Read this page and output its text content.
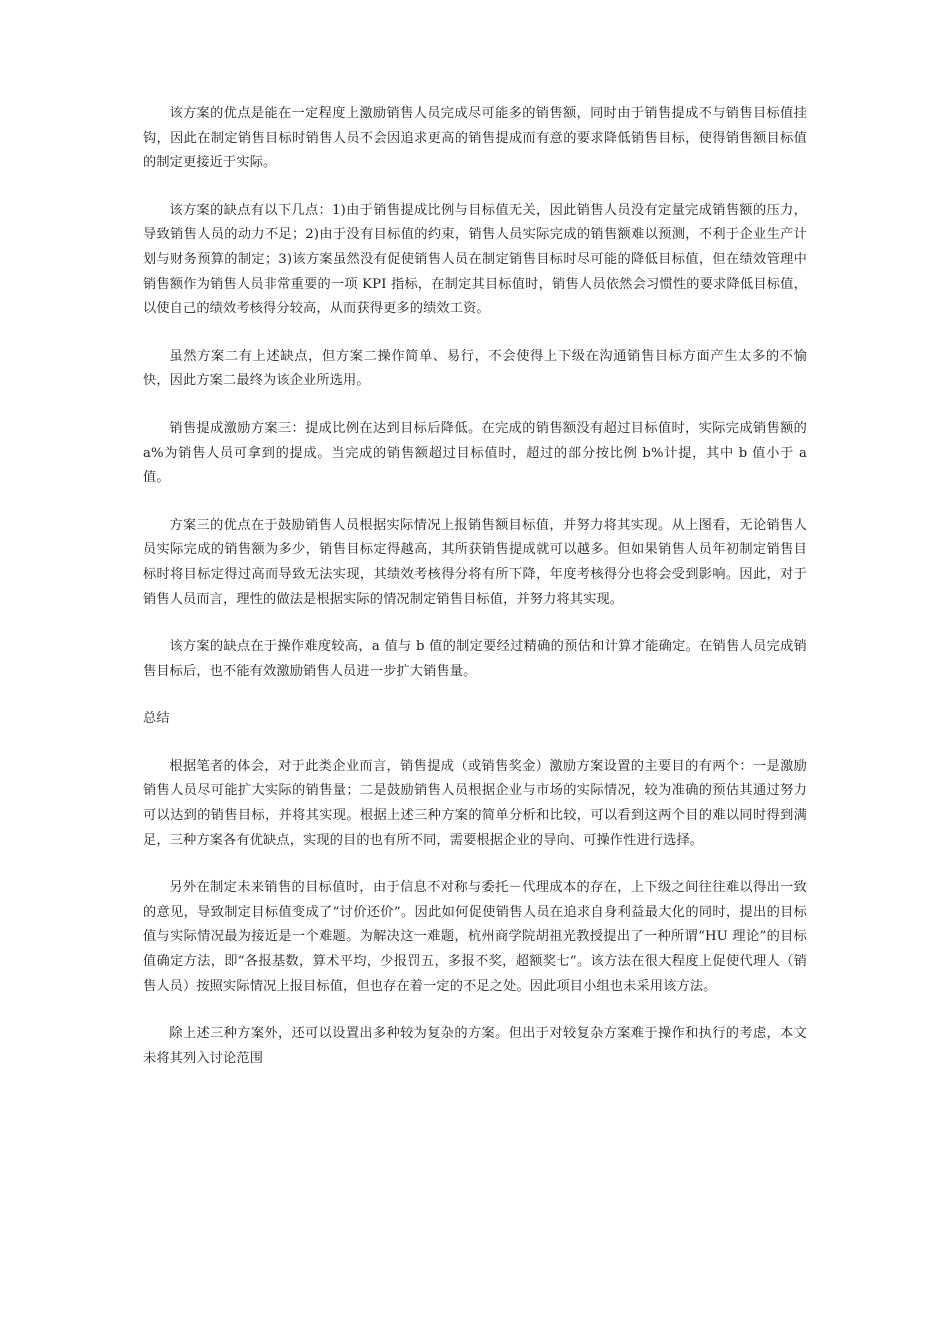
该方案的优点是能在一定程度上激励销售人员完成尽可能多的销售额，同时由于销售提成不与销售目标值挂钩，因此在制定销售目标时销售人员不会因追求更高的销售提成而有意的要求降低销售目标，使得销售额目标值的制定更接近于实际。

该方案的缺点有以下几点：1)由于销售提成比例与目标值无关，因此销售人员没有定量完成销售额的压力，导致销售人员的动力不足；2)由于没有目标值的约束，销售人员实际完成的销售额难以预测，不利于企业生产计划与财务预算的制定；3)该方案虽然没有促使销售人员在制定销售目标时尽可能的降低目标值，但在绩效管理中销售额作为销售人员非常重要的一项 KPI 指标，在制定其目标值时，销售人员依然会习惯性的要求降低目标值，以使自己的绩效考核得分较高，从而获得更多的绩效工资。

虽然方案二有上述缺点，但方案二操作简单、易行，不会使得上下级在沟通销售目标方面产生太多的不愉快，因此方案二最终为该企业所选用。

销售提成激励方案三：提成比例在达到目标后降低。在完成的销售额没有超过目标值时，实际完成销售额的 a%为销售人员可拿到的提成。当完成的销售额超过目标值时，超过的部分按比例 b%计提，其中 b 值小于 a 值。

方案三的优点在于鼓励销售人员根据实际情况上报销售额目标值，并努力将其实现。从上图看，无论销售人员实际完成的销售额为多少，销售目标定得越高，其所获销售提成就可以越多。但如果销售人员年初制定销售目标时将目标定得过高而导致无法实现，其绩效考核得分将有所下降，年度考核得分也将会受到影响。因此，对于销售人员而言，理性的做法是根据实际的情况制定销售目标值，并努力将其实现。

该方案的缺点在于操作难度较高，a 值与 b 值的制定要经过精确的预估和计算才能确定。在销售人员完成销售目标后，也不能有效激励销售人员进一步扩大销售量。

总结

根据笔者的体会，对于此类企业而言，销售提成（或销售奖金）激励方案设置的主要目的有两个：一是激励销售人员尽可能扩大实际的销售量；二是鼓励销售人员根据企业与市场的实际情况，较为准确的预估其通过努力可以达到的销售目标，并将其实现。根据上述三种方案的简单分析和比较，可以看到这两个目的难以同时得到满足，三种方案各有优缺点，实现的目的也有所不同，需要根据企业的导向、可操作性进行选择。

另外在制定未来销售的目标值时，由于信息不对称与委托－代理成本的存在，上下级之间往往难以得出一致的意见，导致制定目标值变成了“讨价还价”。因此如何促使销售人员在追求自身利益最大化的同时，提出的目标值与实际情况最为接近是一个难题。为解决这一难题，杭州商学院胡祖光教授提出了一种所谓“HU 理论”的目标值确定方法，即“各报基数，算术平均，少报罚五，多报不奖，超额奖七”。该方法在很大程度上促使代理人（销售人员）按照实际情况上报目标值，但也存在着一定的不足之处。因此项目小组也未采用该方法。

除上述三种方案外，还可以设置出多种较为复杂的方案。但出于对较复杂方案难于操作和执行的考虑，本文未将其列入讨论范围
